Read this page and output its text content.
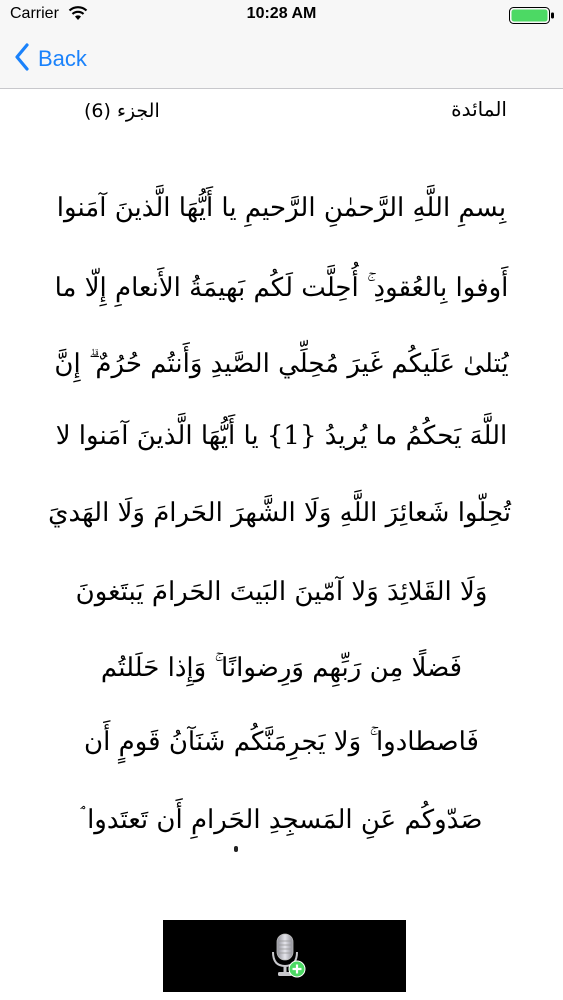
Carrier	10:28 AM
Back
المائدة
الجزء (6)
بِسمِ اللَّهِ الرَّحمٰنِ الرَّحيمِ يا أَيُّهَا الَّذينَ آمَنوا
أَوفوا بِالعُقودِ ۚ أُحِلَّت لَكُم بَهيمَةُ الأَنعامِ إِلّا ما
يُتلىٰ عَلَيكُم غَيرَ مُحِلِّي الصَّيدِ وَأَنتُم حُرُمٌ ۗ إِنَّ
اللَّهَ يَحكُمُ ما يُريدُ {1} يا أَيُّهَا الَّذينَ آمَنوا لا
تُحِلّوا شَعائِرَ اللَّهِ وَلَا الشَّهرَ الحَرامَ وَلَا الهَديَ
وَلَا القَلائِدَ وَلا آمّينَ البَيتَ الحَرامَ يَبتَغونَ
فَضلًا مِن رَبِّهِم وَرِضوانًا ۚ وَإِذا حَلَلتُم
فَاصطادوا ۚ وَلا يَجرِمَنَّكُم شَنَآنُ قَومٍ أَن
صَدّوكُم عَنِ المَسجِدِ الحَرامِ أَن تَعتَدوا ۘ
